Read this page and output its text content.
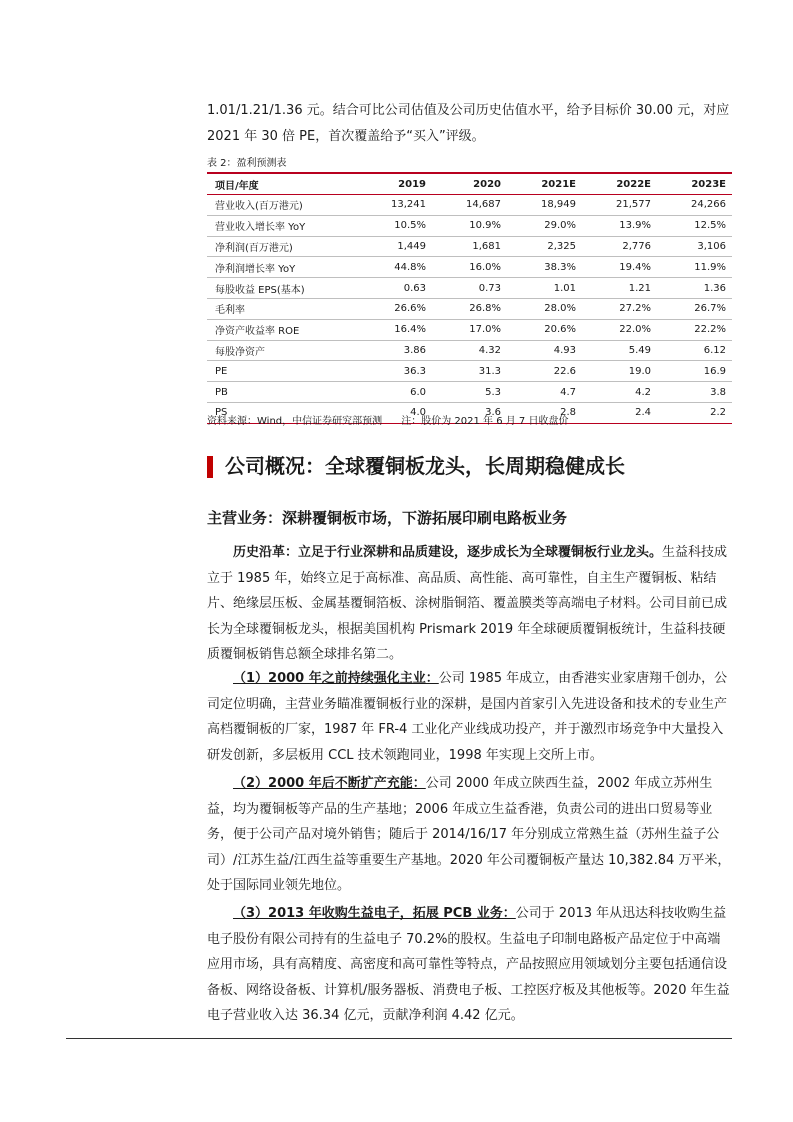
1.01/1.21/1.36 元。结合可比公司估值及公司历史估值水平，给予目标价 30.00 元，对应 2021 年 30 倍 PE，首次覆盖给予“买入”评级。

表 2：盈利预测表
项目/年度	2019	2020	2021E	2022E	2023E
营业收入(百万港元)	13,241	14,687	18,949	21,577	24,266
营业收入增长率 YoY	10.5%	10.9%	29.0%	13.9%	12.5%
净利润(百万港元)	1,449	1,681	2,325	2,776	3,106
净利润增长率 YoY	44.8%	16.0%	38.3%	19.4%	11.9%
每股收益 EPS(基本)	0.63	0.73	1.01	1.21	1.36
毛利率	26.6%	26.8%	28.0%	27.2%	26.7%
净资产收益率 ROE	16.4%	17.0%	20.6%	22.0%	22.2%
每股净资产	3.86	4.32	4.93	5.49	6.12
PE	36.3	31.3	22.6	19.0	16.9
PB	6.0	5.3	4.7	4.2	3.8
PS	4.0	3.6	2.8	2.4	2.2
资料来源：Wind，中信证券研究部预测      注：股价为 2021 年 6 月 7 日收盘价
公司概况：全球覆铜板龙头，长周期稳健成长
主营业务：深耕覆铜板市场，下游拓展印刷电路板业务

历史沿革：立足于行业深耕和品质建设，逐步成长为全球覆铜板行业龙头。生益科技成立于 1985 年，始终立足于高标准、高品质、高性能、高可靠性，自主生产覆铜板、粘结片、绝缘层压板、金属基覆铜箔板、涂树脂铜箔、覆盖膜类等高端电子材料。公司目前已成长为全球覆铜板龙头，根据美国机构 Prismark 2019 年全球硬质覆铜板统计，生益科技硬质覆铜板销售总额全球排名第二。

（1）2000 年之前持续强化主业：公司 1985 年成立，由香港实业家唐翔千创办，公司定位明确，主营业务瞄准覆铜板行业的深耕，是国内首家引入先进设备和技术的专业生产高档覆铜板的厂家，1987 年 FR-4 工业化产业线成功投产，并于激烈市场竞争中大量投入研发创新，多层板用 CCL 技术领跑同业，1998 年实现上交所上市。

（2）2000 年后不断扩产充能：公司 2000 年成立陕西生益，2002 年成立苏州生益，均为覆铜板等产品的生产基地；2006 年成立生益香港，负责公司的进出口贸易等业务，便于公司产品对境外销售；随后于 2014/16/17 年分别成立常熟生益（苏州生益子公司）/江苏生益/江西生益等重要生产基地。2020 年公司覆铜板产量达 10,382.84 万平米，处于国际同业领先地位。

（3）2013 年收购生益电子，拓展 PCB 业务：公司于 2013 年从迅达科技收购生益电子股份有限公司持有的生益电子 70.2%的股权。生益电子印制电路板产品定位于中高端应用市场，具有高精度、高密度和高可靠性等特点，产品按照应用领域划分主要包括通信设备板、网络设备板、计算机/服务器板、消费电子板、工控医疗板及其他板等。2020 年生益电子营业收入达 36.34 亿元，贡献净利润 4.42 亿元。
